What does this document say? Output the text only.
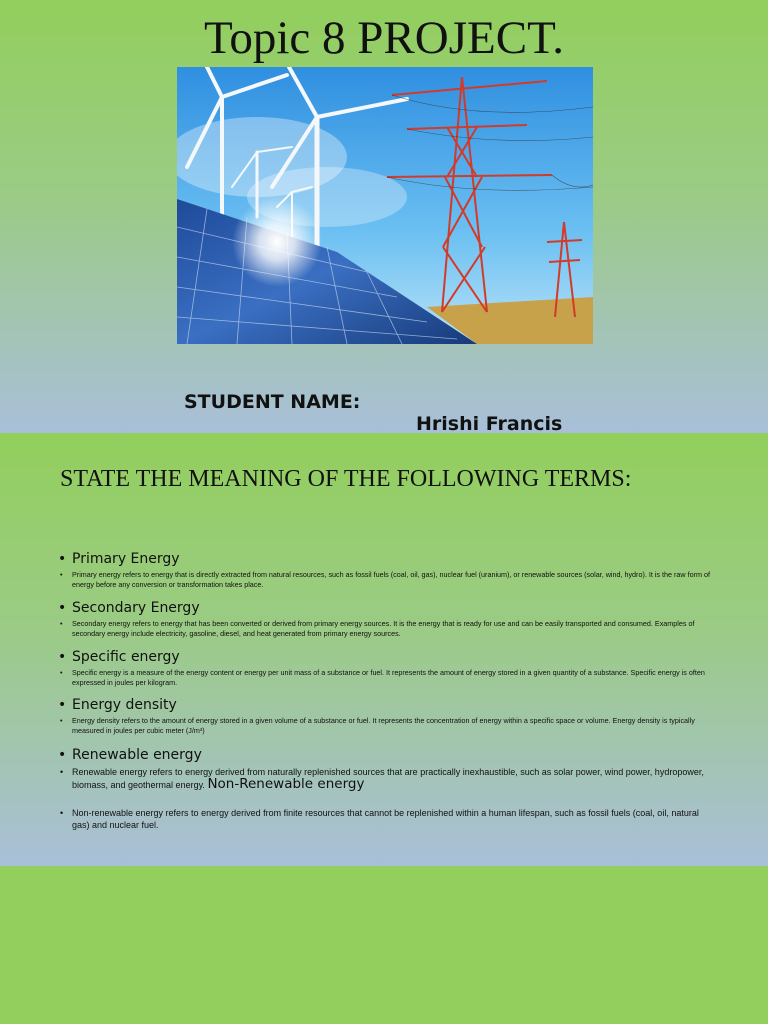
Topic 8 PROJECT.

STUDENT NAME:

Hrishi Francis

STATE THE MEANING OF THE FOLLOWING TERMS:
• Primary Energy
• Primary energy refers to energy that is directly extracted from natural resources, such as fossil fuels (coal, oil, gas), nuclear fuel (uranium), or renewable sources (solar, wind, hydro). It is the raw form of energy before any conversion or transformation takes place.
• Secondary Energy
• Secondary energy refers to energy that has been converted or derived from primary energy sources. It is the energy that is ready for use and can be easily transported and consumed. Examples of secondary energy include electricity, gasoline, diesel, and heat generated from primary energy sources.
• Specific energy
• Specific energy is a measure of the energy content or energy per unit mass of a substance or fuel. It represents the amount of energy stored in a given quantity of a substance. Specific energy is often expressed in joules per kilogram.
• Energy density
• Energy density refers to the amount of energy stored in a given volume of a substance or fuel. It represents the concentration of energy within a specific space or volume. Energy density is typically measured in joules per cubic meter (J/m³)
• Renewable energy
• Renewable energy refers to energy derived from naturally replenished sources that are practically inexhaustible, such as solar power, wind power, hydropower, biomass, and geothermal energy. Non-Renewable energy
• Non-renewable energy refers to energy derived from finite resources that cannot be replenished within a human lifespan, such as fossil fuels (coal, oil, natural gas) and nuclear fuel.
